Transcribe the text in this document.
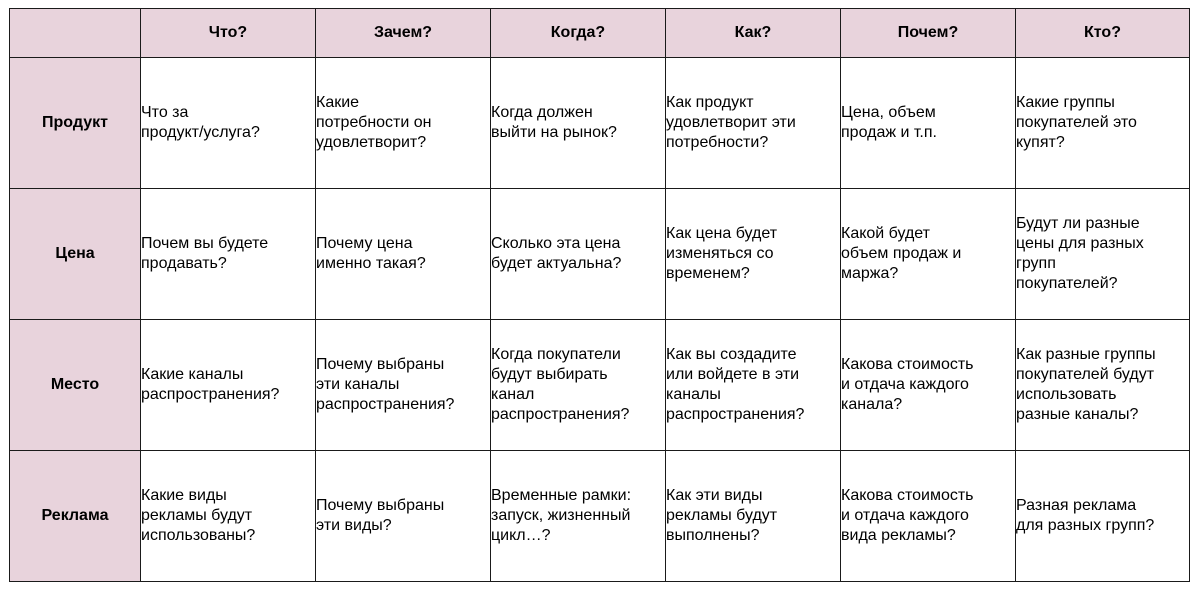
	Что?	Зачем?	Когда?	Как?	Почем?	Кто?
Продукт	Что за
продукт/услуга?	Какие
потребности он
удовлетворит?	Когда должен
выйти на рынок?	Как продукт
удовлетворит эти
потребности?	Цена, объем
продаж и т.п.	Какие группы
покупателей это
купят?

Цена	Почем вы будете
продавать?	Почему цена
именно такая?	Сколько эта цена
будет актуальна?	Как цена будет
изменяться со
временем?	Какой будет
объем продаж и
маржа?	Будут ли разные
цены для разных
групп
покупателей?

Место	Какие каналы
распространения?	Почему выбраны
эти каналы
распространения?	Когда покупатели
будут выбирать
канал
распространения?	Как вы создадите
или войдете в эти
каналы
распространения?	Какова стоимость
и отдача каждого
канала?	Как разные группы
покупателей будут
использовать
разные каналы?

Реклама	Какие виды
рекламы будут
использованы?	Почему выбраны
эти виды?	Временные рамки:
запуск, жизненный
цикл…?	Как эти виды
рекламы будут
выполнены?	Какова стоимость
и отдача каждого
вида рекламы?	Разная реклама
для разных групп?
